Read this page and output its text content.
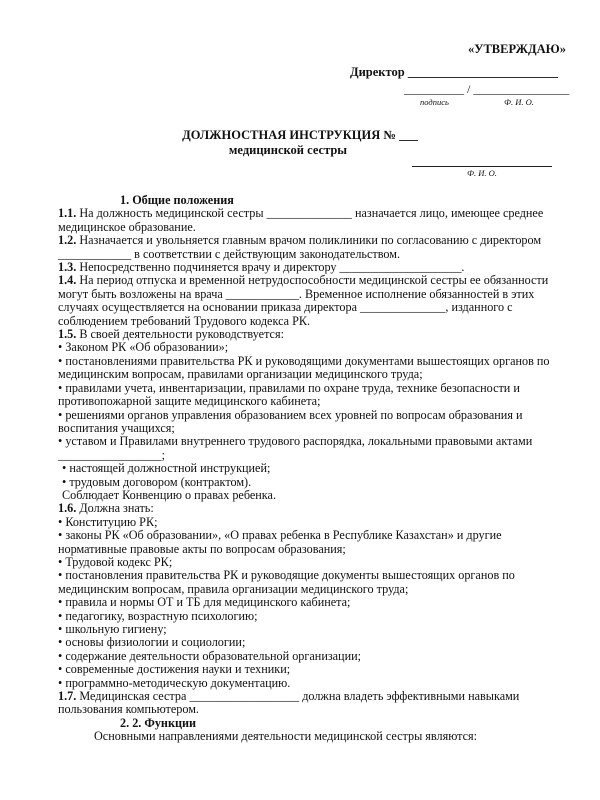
«УТВЕРЖДАЮ»
Директор ________________________
__________ / ________________
подпись	Ф. И. О.
ДОЛЖНОСТНАЯ ИНСТРУКЦИЯ № ___
медицинской сестры
Ф. И. О.

1. Общие положения

1.1. На должность медицинской сестры ______________ назначается лицо, имеющее среднее медицинское образование.

1.2. Назначается и увольняется главным врачом поликлиники по согласованию с директором ____________ в соответствии с действующим законодательством.

1.3. Непосредственно подчиняется врачу и директору ____________________.

1.4. На период отпуска и временной нетрудоспособности медицинской сестры ее обязанности могут быть возложены на врача ____________. Временное исполнение обязанностей в этих случаях осуществляется на основании приказа директора ______________, изданного с соблюдением требований Трудового кодекса РК.

1.5. В своей деятельности руководствуется:

• Законом РК «Об образовании»;

• постановлениями правительства РК и руководящими документами вышестоящих органов по медицинским вопросам, правилами организации медицинского труда;

• правилами учета, инвентаризации, правилами по охране труда, технике безопасности и противопожарной защите медицинского кабинета;

• решениями органов управления образованием всех уровней по вопросам образования и воспитания учащихся;

• уставом и Правилами внутреннего трудового распорядка, локальными правовыми актами _________________;

• настоящей должностной инструкцией;

• трудовым договором (контрактом).

Соблюдает Конвенцию о правах ребенка.

1.6. Должна знать:

• Конституцию РК;

• законы РК «Об образовании», «О правах ребенка в Республике Казахстан» и другие нормативные правовые акты по вопросам образования;

• Трудовой кодекс РК;

• постановления правительства РК и руководящие документы вышестоящих органов по медицинским вопросам, правила организации медицинского труда;

• правила и нормы ОТ и ТБ для медицинского кабинета;

• педагогику, возрастную психологию;

• школьную гигиену;

• основы физиологии и социологии;

• содержание деятельности образовательной организации;

• современные достижения науки и техники;

• программно-методическую документацию.

1.7. Медицинская сестра __________________ должна владеть эффективными навыками пользования компьютером.

2. 2. Функции

Основными направлениями деятельности медицинской сестры являются:
